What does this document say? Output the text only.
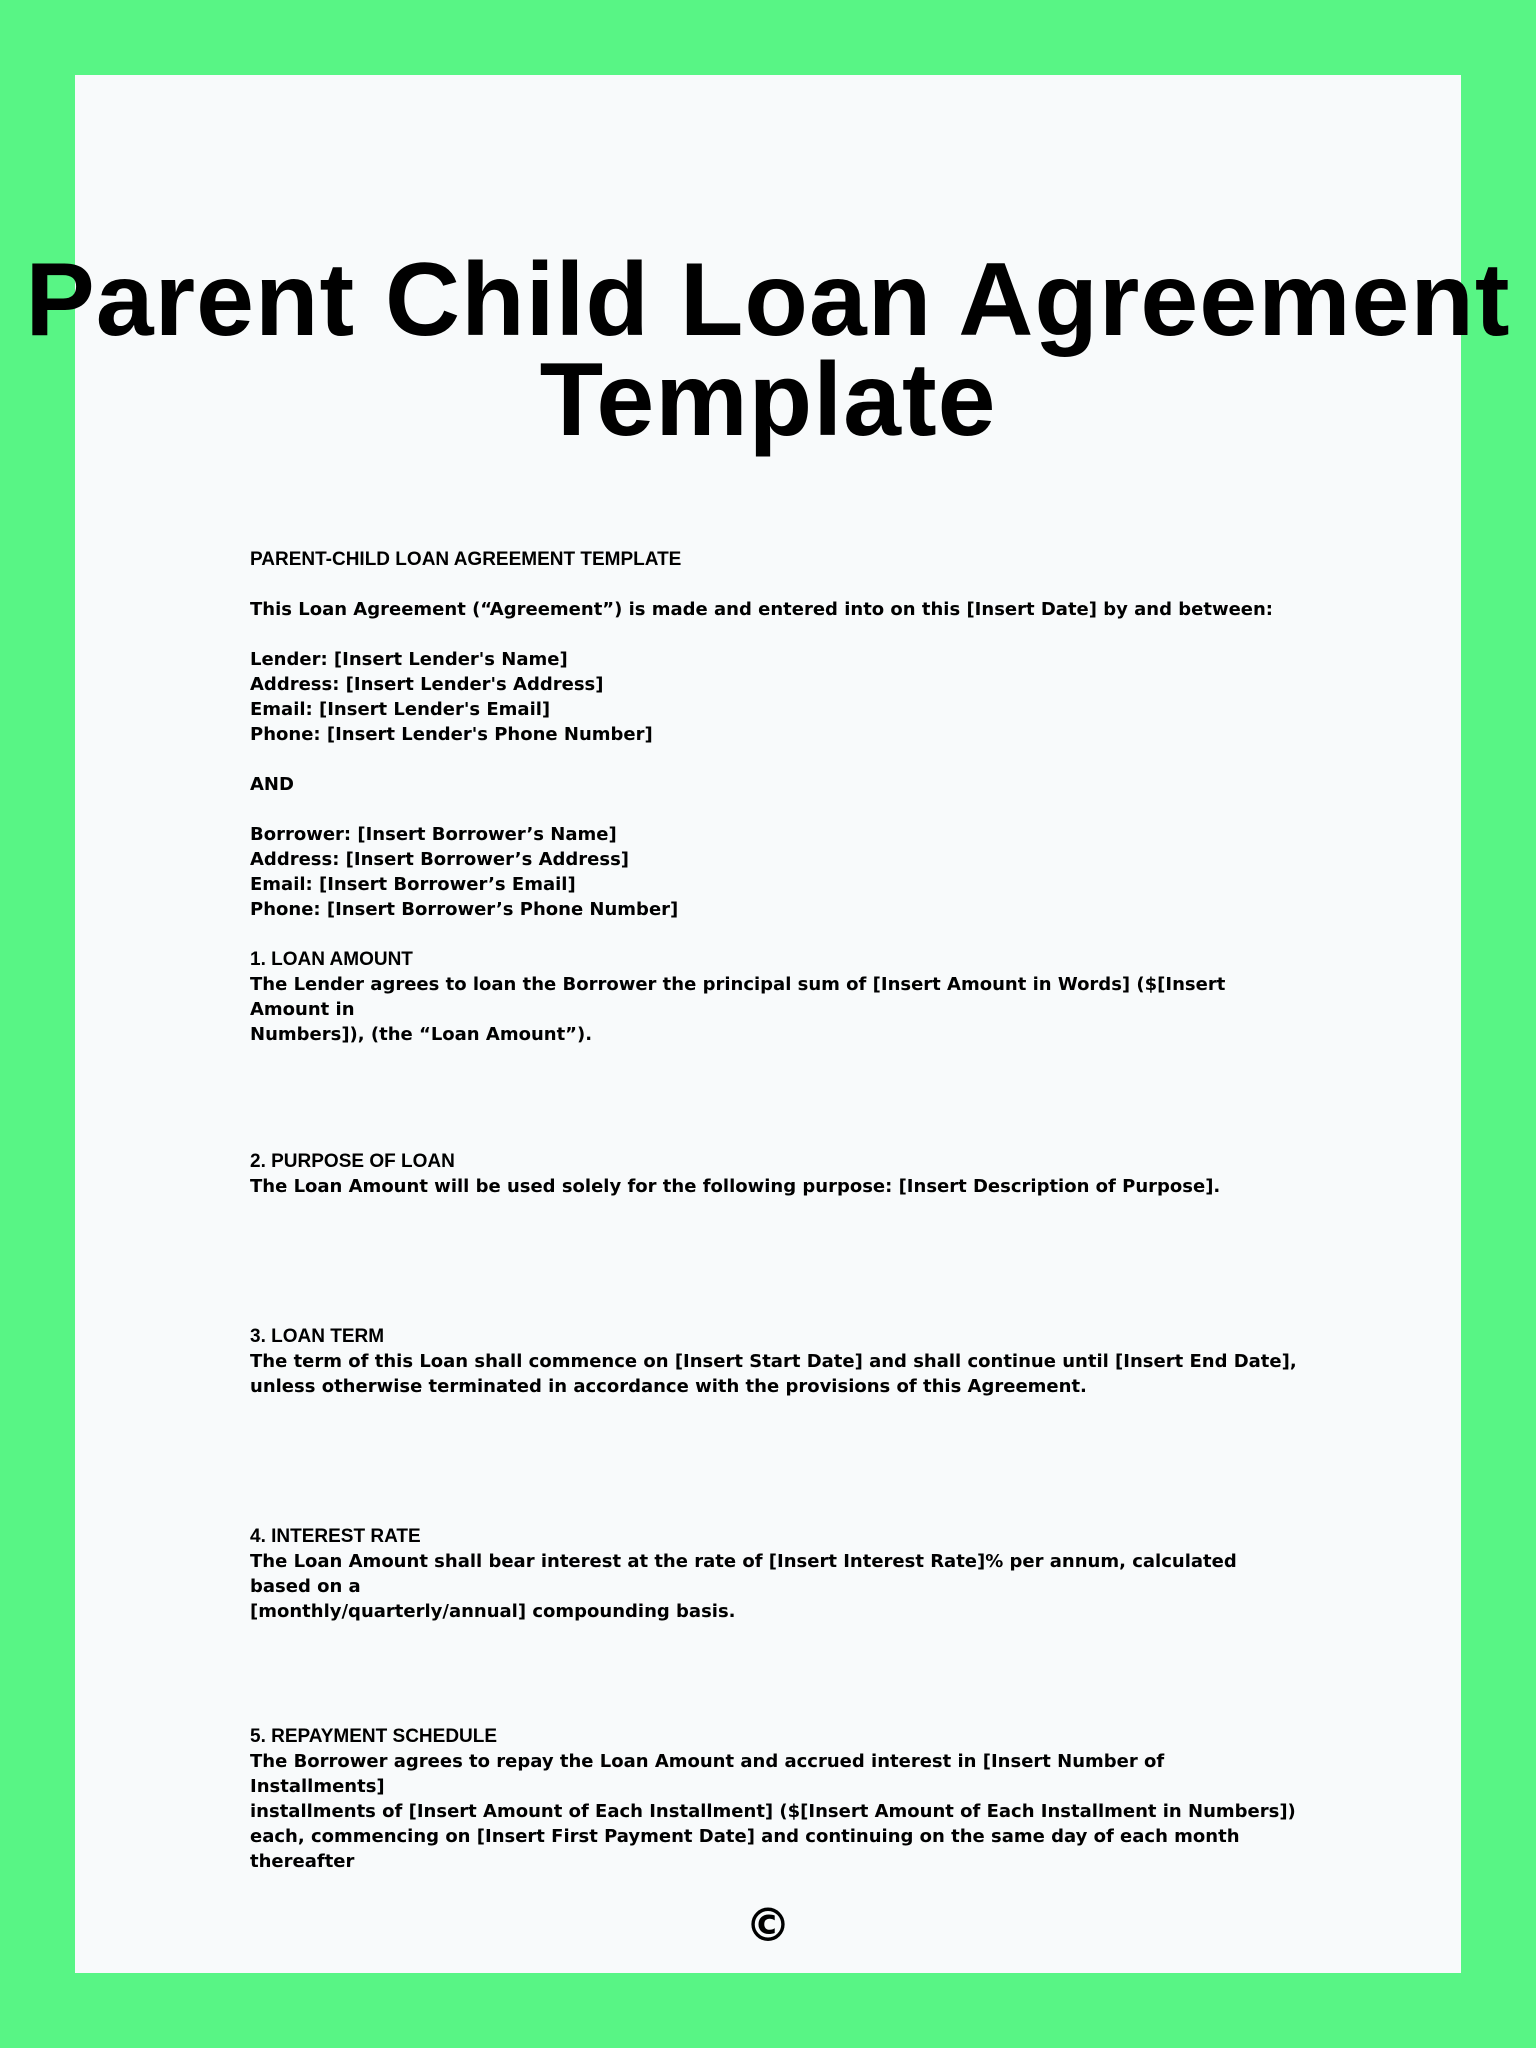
Parent Child Loan Agreement
Template

PARENT-CHILD LOAN AGREEMENT TEMPLATE

This Loan Agreement (“Agreement”) is made and entered into on this [Insert Date] by and between:

Lender: [Insert Lender's Name]

Address: [Insert Lender's Address]

Email: [Insert Lender's Email]

Phone: [Insert Lender's Phone Number]

AND

Borrower: [Insert Borrower’s Name]

Address: [Insert Borrower’s Address]

Email: [Insert Borrower’s Email]

Phone: [Insert Borrower’s Phone Number]

1. LOAN AMOUNT

The Lender agrees to loan the Borrower the principal sum of [Insert Amount in Words] ($[Insert Amount in

Numbers]), (the “Loan Amount”).

2. PURPOSE OF LOAN

The Loan Amount will be used solely for the following purpose: [Insert Description of Purpose].

3. LOAN TERM

The term of this Loan shall commence on [Insert Start Date] and shall continue until [Insert End Date],

unless otherwise terminated in accordance with the provisions of this Agreement.

4. INTEREST RATE

The Loan Amount shall bear interest at the rate of [Insert Interest Rate]% per annum, calculated based on a

[monthly/quarterly/annual] compounding basis.

5. REPAYMENT SCHEDULE

The Borrower agrees to repay the Loan Amount and accrued interest in [Insert Number of Installments]

installments of [Insert Amount of Each Installment] ($[Insert Amount of Each Installment in Numbers])

each, commencing on [Insert First Payment Date] and continuing on the same day of each month thereafter

©
